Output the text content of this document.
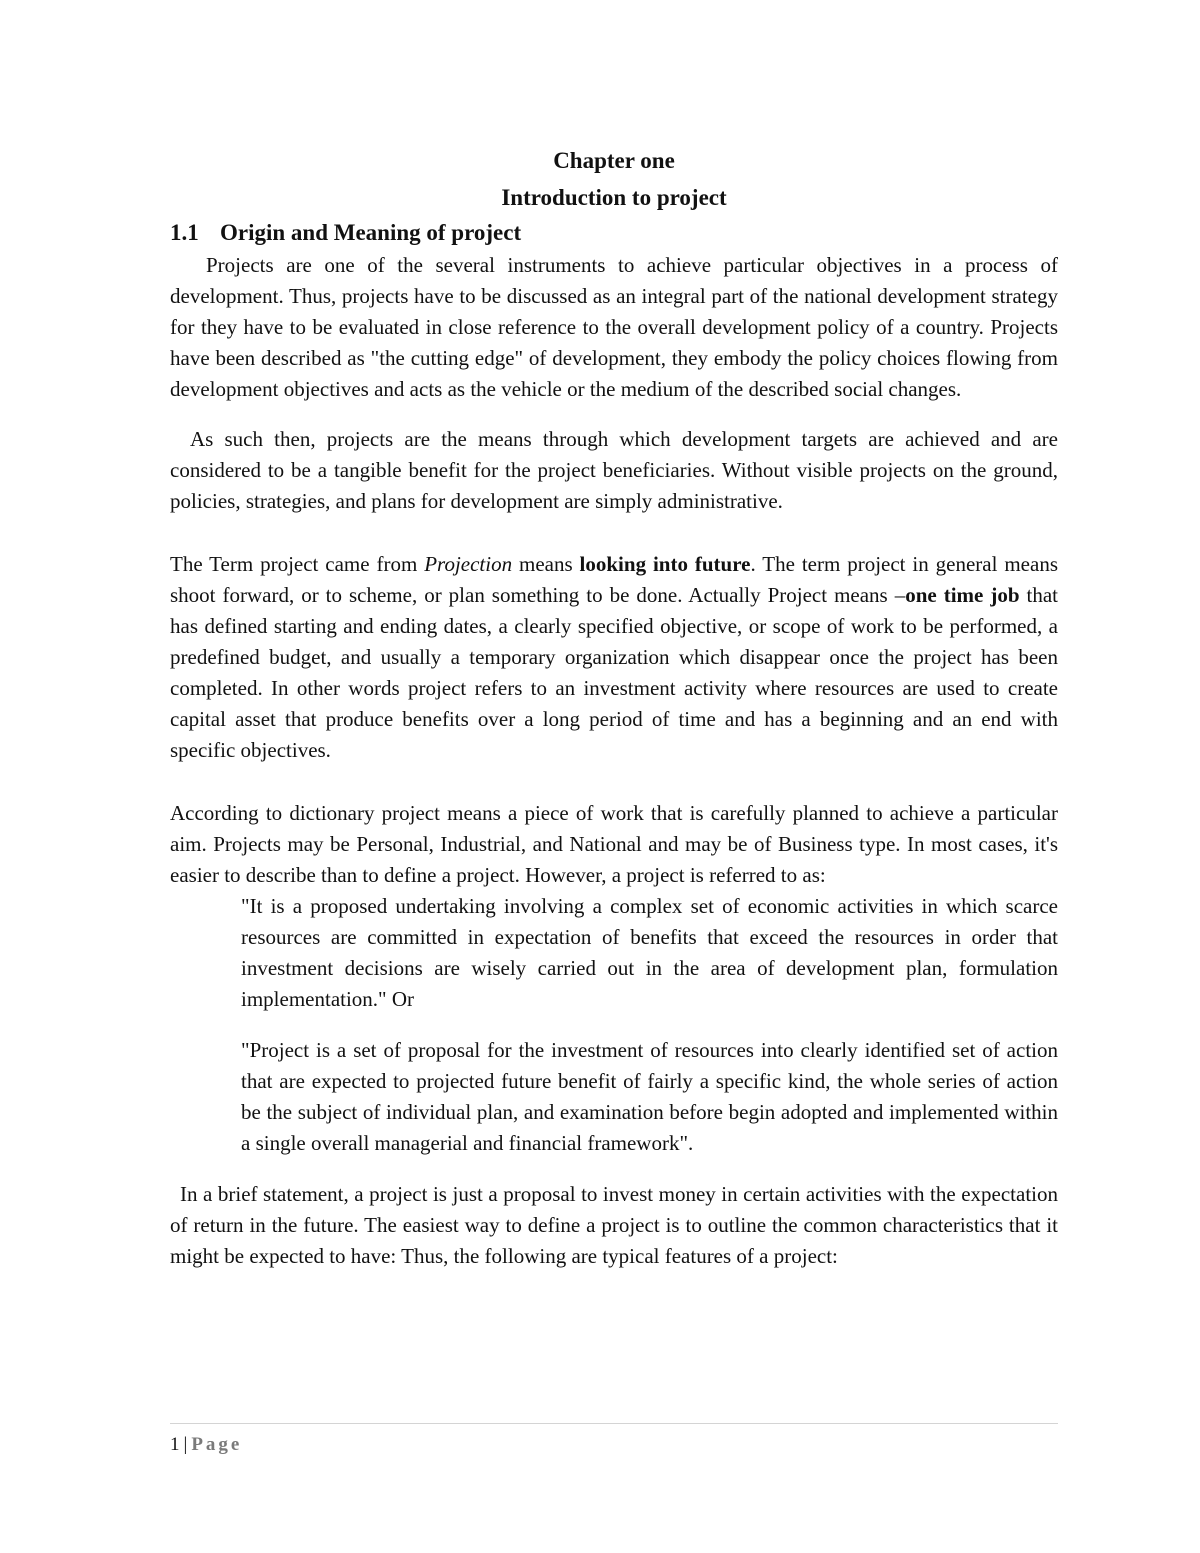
Chapter one
Introduction to project
1.1 Origin and Meaning of project

Projects are one of the several instruments to achieve particular objectives in a process of development. Thus, projects have to be discussed as an integral part of the national development strategy for they have to be evaluated in close reference to the overall development policy of a country. Projects have been described as "the cutting edge" of development, they embody the policy choices flowing from development objectives and acts as the vehicle or the medium of the described social changes.

As such then, projects are the means through which development targets are achieved and are considered to be a tangible benefit for the project beneficiaries. Without visible projects on the ground, policies, strategies, and plans for development are simply administrative.

The Term project came from Projection means looking into future. The term project in general means shoot forward, or to scheme, or plan something to be done. Actually Project means –one time job that has defined starting and ending dates, a clearly specified objective, or scope of work to be performed, a predefined budget, and usually a temporary organization which disappear once the project has been completed. In other words project refers to an investment activity where resources are used to create capital asset that produce benefits over a long period of time and has a beginning and an end with specific objectives.

According to dictionary project means a piece of work that is carefully planned to achieve a particular aim. Projects may be Personal, Industrial, and National and may be of Business type. In most cases, it's easier to describe than to define a project. However, a project is referred to as:

"It is a proposed undertaking involving a complex set of economic activities in which scarce resources are committed in expectation of benefits that exceed the resources in order that investment decisions are wisely carried out in the area of development plan, formulation implementation." Or

"Project is a set of proposal for the investment of resources into clearly identified set of action that are expected to projected future benefit of fairly a specific kind, the whole series of action be the subject of individual plan, and examination before begin adopted and implemented within a single overall managerial and financial framework".

In a brief statement, a project is just a proposal to invest money in certain activities with the expectation of return in the future. The easiest way to define a project is to outline the common characteristics that it might be expected to have: Thus, the following are typical features of a project:

1 | Page
